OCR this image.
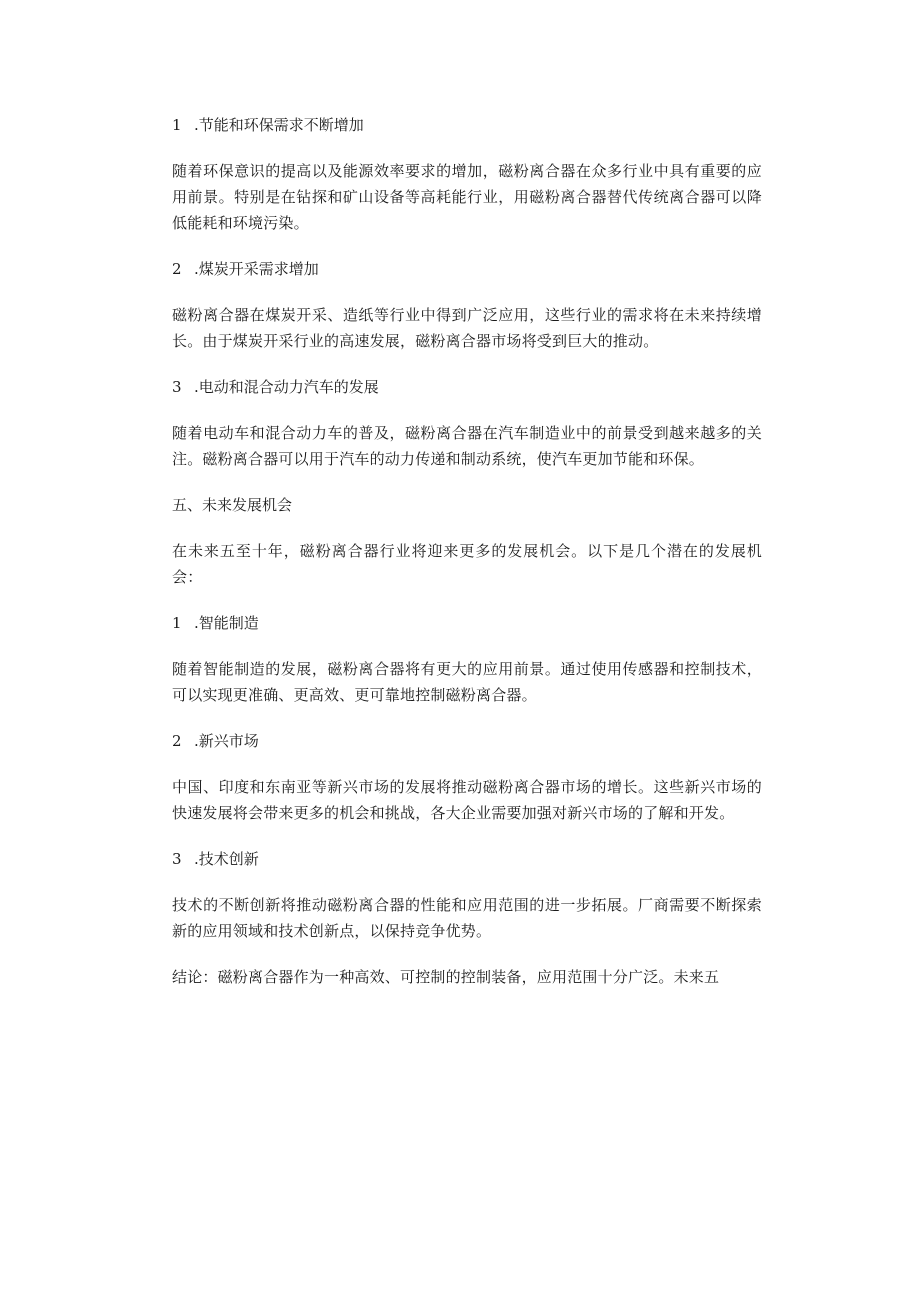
1 .节能和环保需求不断增加
随着环保意识的提高以及能源效率要求的增加，磁粉离合器在众多行业中具有重要的应用前景。特别是在钻探和矿山设备等高耗能行业，用磁粉离合器替代传统离合器可以降低能耗和环境污染。
2 .煤炭开采需求增加
磁粉离合器在煤炭开采、造纸等行业中得到广泛应用，这些行业的需求将在未来持续增长。由于煤炭开采行业的高速发展，磁粉离合器市场将受到巨大的推动。
3 .电动和混合动力汽车的发展
随着电动车和混合动力车的普及，磁粉离合器在汽车制造业中的前景受到越来越多的关注。磁粉离合器可以用于汽车的动力传递和制动系统，使汽车更加节能和环保。
五、未来发展机会
在未来五至十年，磁粉离合器行业将迎来更多的发展机会。以下是几个潜在的发展机会：
1 .智能制造
随着智能制造的发展，磁粉离合器将有更大的应用前景。通过使用传感器和控制技术，可以实现更准确、更高效、更可靠地控制磁粉离合器。
2 .新兴市场
中国、印度和东南亚等新兴市场的发展将推动磁粉离合器市场的增长。这些新兴市场的快速发展将会带来更多的机会和挑战，各大企业需要加强对新兴市场的了解和开发。
3 .技术创新
技术的不断创新将推动磁粉离合器的性能和应用范围的进一步拓展。厂商需要不断探索新的应用领域和技术创新点，以保持竞争优势。
结论：磁粉离合器作为一种高效、可控制的控制装备，应用范围十分广泛。未来五
